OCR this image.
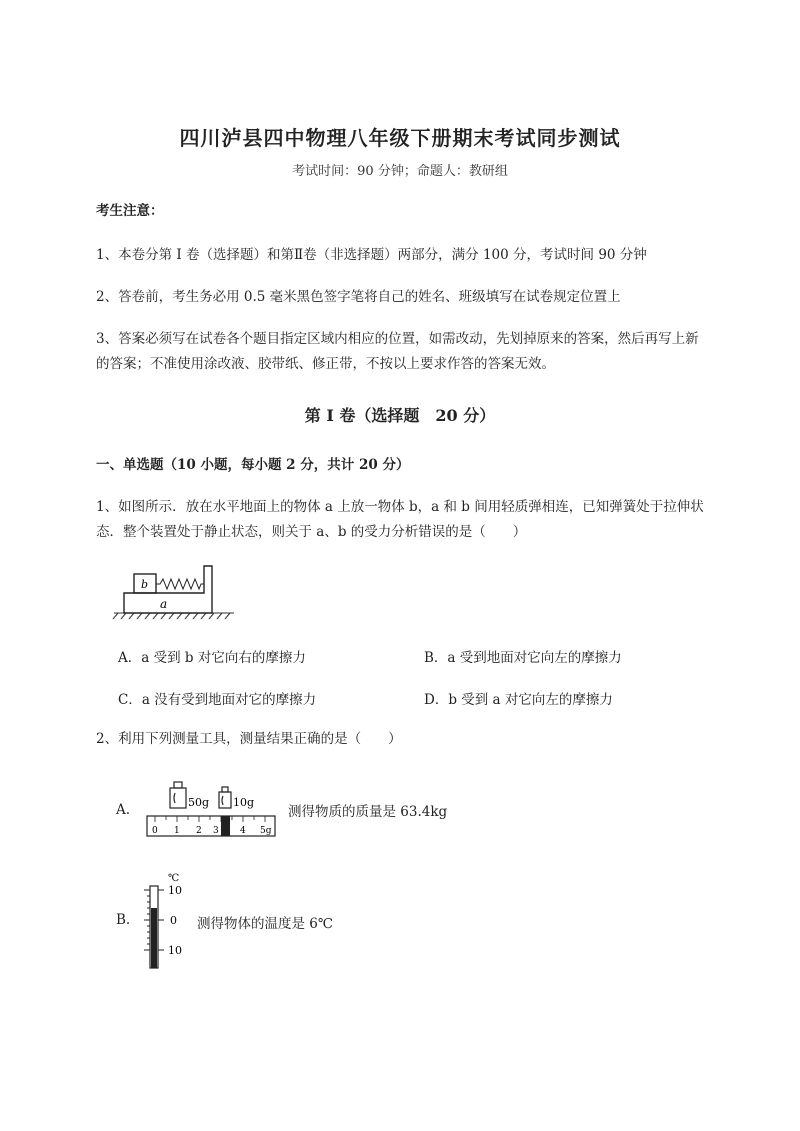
四川泸县四中物理八年级下册期末考试同步测试
考试时间：90 分钟；命题人：教研组
考生注意：
1、本卷分第 I 卷（选择题）和第Ⅱ卷（非选择题）两部分，满分 100 分，考试时间 90 分钟
2、答卷前，考生务必用 0.5 毫米黑色签字笔将自己的姓名、班级填写在试卷规定位置上
3、答案必须写在试卷各个题目指定区域内相应的位置，如需改动，先划掉原来的答案，然后再写上新
的答案；不准使用涂改液、胶带纸、修正带，不按以上要求作答的答案无效。
第 I 卷（选择题　20 分）
一、单选题（10 小题，每小题 2 分，共计 20 分）
1、如图所示．放在水平地面上的物体 a 上放一物体 b，a 和 b 间用轻质弹相连，已知弹簧处于拉伸状
态．整个装置处于静止状态，则关于 a、b 的受力分析错误的是（　　）
b
a
A．a 受到 b 对它向右的摩擦力	B．a 受到地面对它向左的摩擦力
C．a 没有受到地面对它的摩擦力	D．b 受到 a 对它向左的摩擦力
2、利用下列测量工具，测量结果正确的是（　　）
A.	50g 10g
0 1 2 3 4 5g
测得物质的质量是 63.4kg
B.
℃
10
0
10
测得物体的温度是 6℃
